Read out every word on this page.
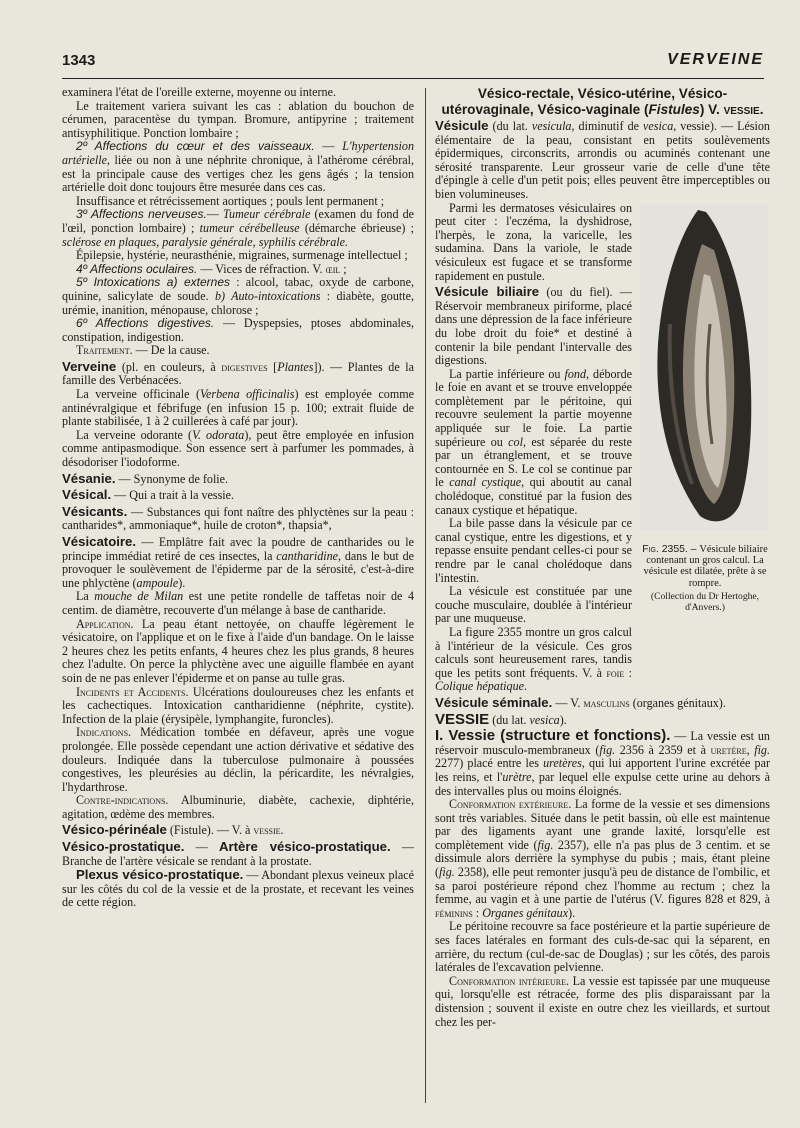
1343	VERVEINE

examinera l'état de l'oreille externe, moyenne ou interne.

Le traitement variera suivant les cas : ablation du bouchon de cérumen, paracentèse du tympan. Bromure, antipyrine ; traitement antisyphilitique. Ponction lombaire ;

2º Affections du cœur et des vaisseaux. — L'hypertension artérielle, liée ou non à une néphrite chronique, à l'athérome cérébral, est la principale cause des vertiges chez les gens âgés ; la tension artérielle doit donc toujours être mesurée dans ces cas.

Insuffisance et rétrécissement aortiques ; pouls lent permanent ;

3º Affections nerveuses.— Tumeur cérébrale (examen du fond de l'œil, ponction lombaire) ; tumeur cérébelleuse (démarche ébrieuse) ; sclérose en plaques, paralysie générale, syphilis cérébrale.

Épilepsie, hystérie, neurasthénie, migraines, surmenage intellectuel ;

4º Affections oculaires. — Vices de réfraction. V. œil ;

5º Intoxications a) externes : alcool, tabac, oxyde de carbone, quinine, salicylate de soude. b) Auto-intoxications : diabète, goutte, urémie, inanition, ménopause, chlorose ;

6º Affections digestives. — Dyspepsies, ptoses abdominales, constipation, indigestion.

Traitement. — De la cause.

Verveine (pl. en couleurs, à digestives [Plantes]). — Plantes de la famille des Verbénacées.

La verveine officinale (Verbena officinalis) est employée comme antinévralgique et fébrifuge (en infusion 15 p. 100; extrait fluide de plante stabilisée, 1 à 2 cuillerées à café par jour).

La verveine odorante (V. odorata), peut être employée en infusion comme antipasmodique. Son essence sert à parfumer les pommades, à désodoriser l'iodoforme.

Vésanie. — Synonyme de folie.

Vésical. — Qui a trait à la vessie.

Vésicants. — Substances qui font naître des phlyctènes sur la peau : cantharides*, ammoniaque*, huile de croton*, thapsia*,

Vésicatoire. — Emplâtre fait avec la poudre de cantharides ou le principe immédiat retiré de ces insectes, la cantharidine, dans le but de provoquer le soulèvement de l'épiderme par de la sérosité, c'est-à-dire une phlyctène (ampoule).

La mouche de Milan est une petite rondelle de taffetas noir de 4 centim. de diamètre, recouverte d'un mélange à base de cantharide.

Application. La peau étant nettoyée, on chauffe légèrement le vésicatoire, on l'applique et on le fixe à l'aide d'un bandage. On le laisse 2 heures chez les petits enfants, 4 heures chez les plus grands, 8 heures chez l'adulte. On perce la phlyctène avec une aiguille flambée en ayant soin de ne pas enlever l'épiderme et on panse au tulle gras.

Incidents et Accidents. Ulcérations douloureuses chez les enfants et les cachectiques. Intoxication cantharidienne (néphrite, cystite). Infection de la plaie (érysipèle, lymphangite, furoncles).

Indications. Médication tombée en défaveur, après une vogue prolongée. Elle possède cependant une action dérivative et sédative des douleurs. Indiquée dans la tuberculose pulmonaire à poussées congestives, les pleurésies au déclin, la péricardite, les névralgies, l'hydarthrose.

Contre-indications. Albuminurie, diabète, cachexie, diphtérie, agitation, œdème des membres.

Vésico-périnéale (Fistule). — V. à vessie.

Vésico-prostatique. — Artère vésico-prostatique. — Branche de l'artère vésicale se rendant à la prostate.

Plexus vésico-prostatique. — Abondant plexus veineux placé sur les côtés du col de la vessie et de la prostate, et recevant les veines de cette région.

Vésico-rectale, Vésico-utérine, Vésico-utérovaginale, Vésico-vaginale (Fistules) V. vessie.

Vésicule (du lat. vesicula, diminutif de vesica, vessie). — Lésion élémentaire de la peau, consistant en petits soulèvements épidermiques, circonscrits, arrondis ou acuminés contenant une sérosité transparente. Leur grosseur varie de celle d'une tête d'épingle à celle d'un petit pois; elles peuvent être imperceptibles ou bien volumineuses.

Fig. 2355. – Vésicule biliaire contenant un gros calcul. La vésicule est dilatée, prête à se rompre.
(Collection du Dr Hertoghe, d'Anvers.)

Parmi les dermatoses vésiculaires on peut citer : l'eczéma, la dyshidrose, l'herpès, le zona, la varicelle, les sudamina. Dans la variole, le stade vésiculeux est fugace et se transforme rapidement en pustule.

Vésicule biliaire (ou du fiel). — Réservoir membraneux piriforme, placé dans une dépression de la face inférieure du lobe droit du foie* et destiné à contenir la bile pendant l'intervalle des digestions.

La partie inférieure ou fond, déborde le foie en avant et se trouve enveloppée complètement par le péritoine, qui recouvre seulement la partie moyenne appliquée sur le foie. La partie supérieure ou col, est séparée du reste par un étranglement, et se trouve contournée en S. Le col se continue par le canal cystique, qui aboutit au canal cholédoque, constitué par la fusion des canaux cystique et hépatique.

La bile passe dans la vésicule par ce canal cystique, entre les digestions, et y repasse ensuite pendant celles-ci pour se rendre par le canal cholédoque dans l'intestin.

La vésicule est constituée par une couche musculaire, doublée à l'intérieur par une muqueuse.

La figure 2355 montre un gros calcul à l'intérieur de la vésicule. Ces gros calculs sont heureusement rares, tandis que les petits sont fréquents. V. à foie : Colique hépatique.

Vésicule séminale. — V. masculins (organes génitaux).

VESSIE (du lat. vesica).

I. Vessie (structure et fonctions). — La vessie est un réservoir musculo-membraneux (fig. 2356 à 2359 et à uretère, fig. 2277) placé entre les uretères, qui lui apportent l'urine excrétée par les reins, et l'urètre, par lequel elle expulse cette urine au dehors à des intervalles plus ou moins éloignés.

Conformation extérieure. La forme de la vessie et ses dimensions sont très variables. Située dans le petit bassin, où elle est maintenue par des ligaments ayant une grande laxité, lorsqu'elle est complètement vide (fig. 2357), elle n'a pas plus de 3 centim. et se dissimule alors derrière la symphyse du pubis ; mais, étant pleine (fig. 2358), elle peut remonter jusqu'à peu de distance de l'ombilic, et sa paroi postérieure répond chez l'homme au rectum ; chez la femme, au vagin et à une partie de l'utérus (V. figures 828 et 829, à féminins : Organes génitaux).

Le péritoine recouvre sa face postérieure et la partie supérieure de ses faces latérales en formant des culs-de-sac qui la séparent, en arrière, du rectum (cul-de-sac de Douglas) ; sur les côtés, des parois latérales de l'excavation pelvienne.

Conformation intérieure. La vessie est tapissée par une muqueuse qui, lorsqu'elle est rétracée, forme des plis disparaissant par la distension ; souvent il existe en outre chez les vieillards, et surtout chez les per-
